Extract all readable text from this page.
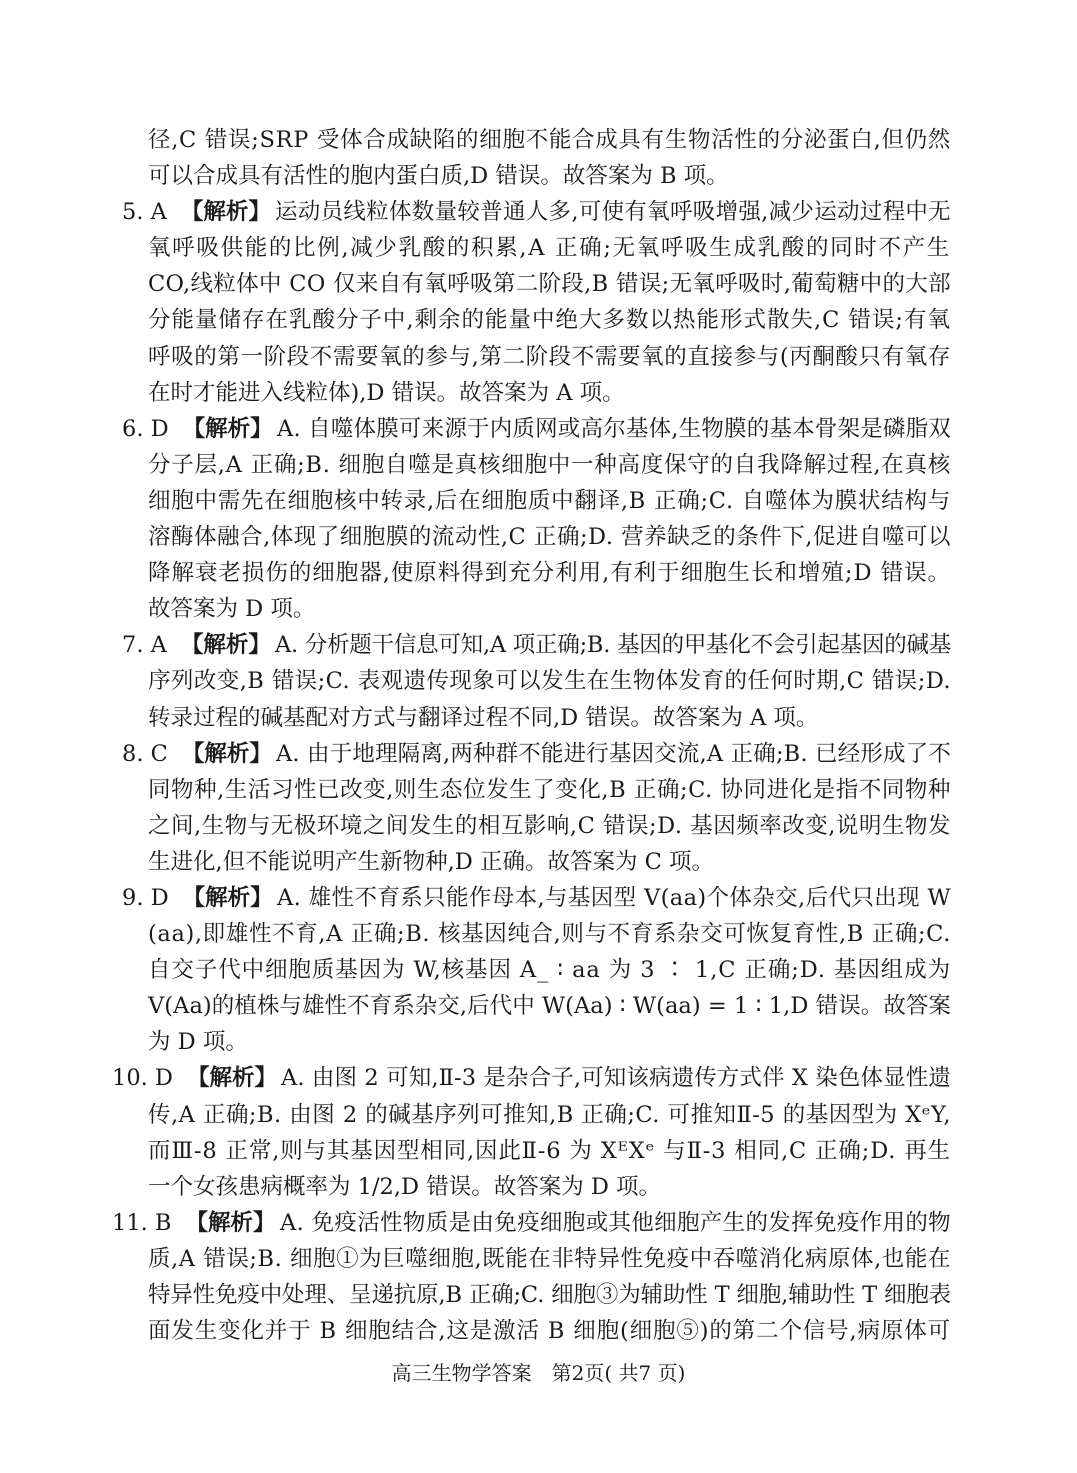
径,C 错误;SRP 受体合成缺陷的细胞不能合成具有生物活性的分泌蛋白,但仍然
可以合成具有活性的胞内蛋白质,D 错误。故答案为 B 项。
5. A 【解析】 运动员线粒体数量较普通人多,可使有氧呼吸增强,减少运动过程中无
氧呼吸供能的比例,减少乳酸的积累,A 正确;无氧呼吸生成乳酸的同时不产生
CO,线粒体中 CO 仅来自有氧呼吸第二阶段,B 错误;无氧呼吸时,葡萄糖中的大部
分能量储存在乳酸分子中,剩余的能量中绝大多数以热能形式散失,C 错误;有氧
呼吸的第一阶段不需要氧的参与,第二阶段不需要氧的直接参与(丙酮酸只有氧存
在时才能进入线粒体),D 错误。故答案为 A 项。
6. D 【解析】 A. 自噬体膜可来源于内质网或高尔基体,生物膜的基本骨架是磷脂双
分子层,A 正确;B. 细胞自噬是真核细胞中一种高度保守的自我降解过程,在真核
细胞中需先在细胞核中转录,后在细胞质中翻译,B 正确;C. 自噬体为膜状结构与
溶酶体融合,体现了细胞膜的流动性,C 正确;D. 营养缺乏的条件下,促进自噬可以
降解衰老损伤的细胞器,使原料得到充分利用,有利于细胞生长和增殖;D 错误。
故答案为 D 项。
7. A 【解析】 A. 分析题干信息可知,A 项正确;B. 基因的甲基化不会引起基因的碱基
序列改变,B 错误;C. 表观遗传现象可以发生在生物体发育的任何时期,C 错误;D.
转录过程的碱基配对方式与翻译过程不同,D 错误。故答案为 A 项。
8. C 【解析】 A. 由于地理隔离,两种群不能进行基因交流,A 正确;B. 已经形成了不
同物种,生活习性已改变,则生态位发生了变化,B 正确;C. 协同进化是指不同物种
之间,生物与无极环境之间发生的相互影响,C 错误;D. 基因频率改变,说明生物发
生进化,但不能说明产生新物种,D 正确。故答案为 C 项。
9. D 【解析】 A. 雄性不育系只能作母本,与基因型 V(aa)个体杂交,后代只出现 W
(aa),即雄性不育,A 正确;B. 核基因纯合,则与不育系杂交可恢复育性,B 正确;C.
自交子代中细胞质基因为 W,核基因 A_ ∶ aa 为 3 ∶ 1,C 正确;D. 基因组成为
V(Aa)的植株与雄性不育系杂交,后代中 W(Aa) ∶ W(aa) = 1 ∶ 1,D 错误。故答案
为 D 项。
10. D 【解析】 A. 由图 2 可知,Ⅱ-3 是杂合子,可知该病遗传方式伴 X 染色体显性遗
传,A 正确;B. 由图 2 的碱基序列可推知,B 正确;C. 可推知Ⅱ-5 的基因型为 XᵉY,
而Ⅲ-8 正常,则与其基因型相同,因此Ⅱ-6 为 XᴱXᵉ 与Ⅱ-3 相同,C 正确;D. 再生
一个女孩患病概率为 1/2,D 错误。故答案为 D 项。
11. B 【解析】 A. 免疫活性物质是由免疫细胞或其他细胞产生的发挥免疫作用的物
质,A 错误;B. 细胞①为巨噬细胞,既能在非特异性免疫中吞噬消化病原体,也能在
特异性免疫中处理、呈递抗原,B 正确;C. 细胞③为辅助性 T 细胞,辅助性 T 细胞表
面发生变化并于 B 细胞结合,这是激活 B 细胞(细胞⑤)的第二个信号,病原体可
高三生物学答案　第2页( 共7 页)
